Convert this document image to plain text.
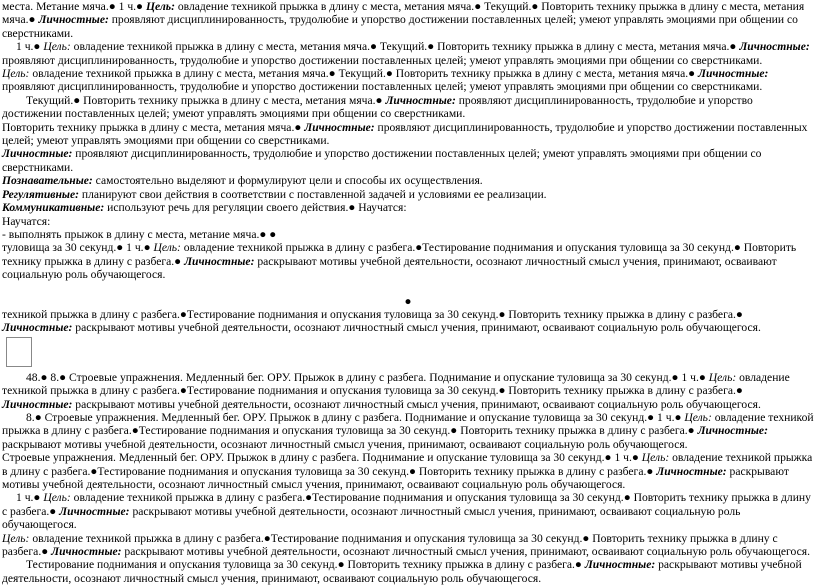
места. Метание мяча.● 1 ч.● Цель: овладение техникой прыжка в длину с места, метания мяча.● Текущий.● Повторить технику прыжка в длину с места, метания мяча.● Личностные: проявляют дисциплинированность, трудолюбие и упорство достижении поставленных целей; умеют управлять эмоциями при общении со сверстниками.

1 ч.● Цель: овладение техникой прыжка в длину с места, метания мяча.● Текущий.● Повторить технику прыжка в длину с места, метания мяча.● Личностные: проявляют дисциплинированность, трудолюбие и упорство достижении поставленных целей; умеют управлять эмоциями при общении со сверстниками.

Цель: овладение техникой прыжка в длину с места, метания мяча.● Текущий.● Повторить технику прыжка в длину с места, метания мяча.● Личностные: проявляют дисциплинированность, трудолюбие и упорство достижении поставленных целей; умеют управлять эмоциями при общении со сверстниками.

Текущий.● Повторить технику прыжка в длину с места, метания мяча.● Личностные: проявляют дисциплинированность, трудолюбие и упорство достижении поставленных целей; умеют управлять эмоциями при общении со сверстниками.

Повторить технику прыжка в длину с места, метания мяча.● Личностные: проявляют дисциплинированность, трудолюбие и упорство достижении поставленных целей; умеют управлять эмоциями при общении со сверстниками.

Личностные: проявляют дисциплинированность, трудолюбие и упорство достижении поставленных целей; умеют управлять эмоциями при общении со сверстниками.

Познавательные: самостоятельно выделяют и формулируют цели и способы их осуществления.

Регулятивные: планируют свои действия в соответствии с поставленной задачей и условиями ее реализации.

Коммуникативные: используют речь для регуляции своего действия.● Научатся:

Научатся:

- выполнять прыжок в длину с места, метание мяча.● ●

туловища за 30 секунд.● 1 ч.● Цель: овладение техникой прыжка в длину с разбега.●Тестирование поднимания и опускания туловища за 30 секунд.● Повторить технику прыжка в длину с разбега.● Личностные: раскрывают мотивы учебной деятельности, осознают личностный смысл учения, принимают, осваивают социальную роль обучающегося.

●

техникой прыжка в длину с разбега.●Тестирование поднимания и опускания туловища за 30 секунд.● Повторить технику прыжка в длину с разбега.● Личностные: раскрывают мотивы учебной деятельности, осознают личностный смысл учения, принимают, осваивают социальную роль обучающегося.

48.● 8.● Строевые упражнения. Медленный бег. ОРУ. Прыжок в длину с разбега. Поднимание и опускание туловища за 30 секунд.● 1 ч.● Цель: овладение техникой прыжка в длину с разбега.●Тестирование поднимания и опускания туловища за 30 секунд.● Повторить технику прыжка в длину с разбега.● Личностные: раскрывают мотивы учебной деятельности, осознают личностный смысл учения, принимают, осваивают социальную роль обучающегося.

8.● Строевые упражнения. Медленный бег. ОРУ. Прыжок в длину с разбега. Поднимание и опускание туловища за 30 секунд.● 1 ч.● Цель: овладение техникой прыжка в длину с разбега.●Тестирование поднимания и опускания туловища за 30 секунд.● Повторить технику прыжка в длину с разбега.● Личностные: раскрывают мотивы учебной деятельности, осознают личностный смысл учения, принимают, осваивают социальную роль обучающегося.

Строевые упражнения. Медленный бег. ОРУ. Прыжок в длину с разбега. Поднимание и опускание туловища за 30 секунд.● 1 ч.● Цель: овладение техникой прыжка в длину с разбега.●Тестирование поднимания и опускания туловища за 30 секунд.● Повторить технику прыжка в длину с разбега.● Личностные: раскрывают мотивы учебной деятельности, осознают личностный смысл учения, принимают, осваивают социальную роль обучающегося.

1 ч.● Цель: овладение техникой прыжка в длину с разбега.●Тестирование поднимания и опускания туловища за 30 секунд.● Повторить технику прыжка в длину с разбега.● Личностные: раскрывают мотивы учебной деятельности, осознают личностный смысл учения, принимают, осваивают социальную роль обучающегося.

Цель: овладение техникой прыжка в длину с разбега.●Тестирование поднимания и опускания туловища за 30 секунд.● Повторить технику прыжка в длину с разбега.● Личностные: раскрывают мотивы учебной деятельности, осознают личностный смысл учения, принимают, осваивают социальную роль обучающегося.

Тестирование поднимания и опускания туловища за 30 секунд.● Повторить технику прыжка в длину с разбега.● Личностные: раскрывают мотивы учебной деятельности, осознают личностный смысл учения, принимают, осваивают социальную роль обучающегося.
